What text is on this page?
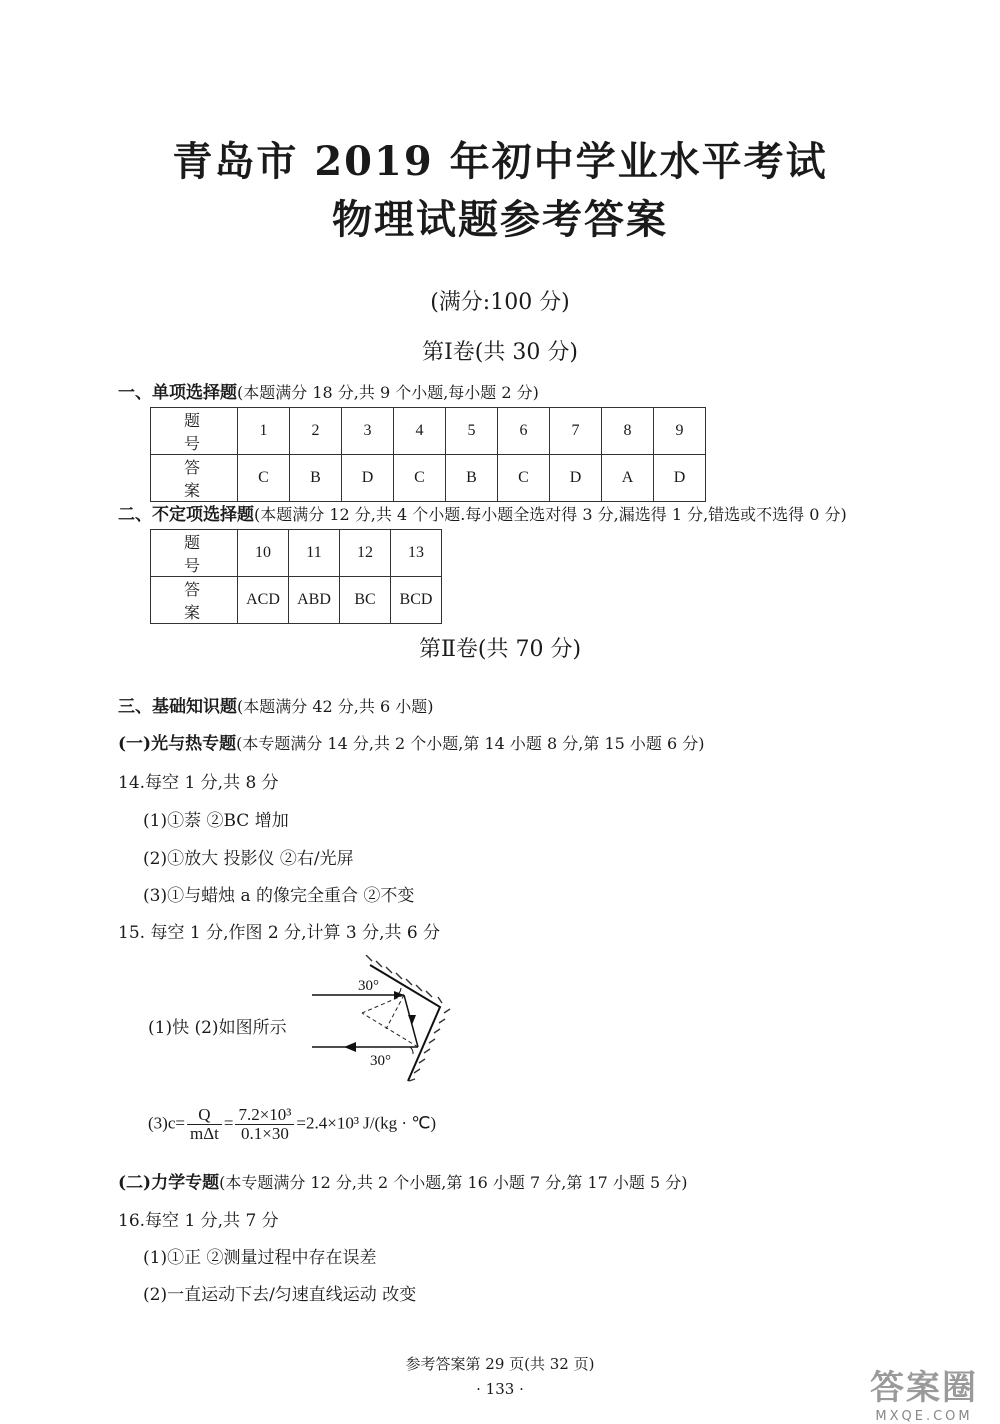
青岛市 2019 年初中学业水平考试
物理试题参考答案
(满分:100 分)
第Ⅰ卷(共 30 分)
一、单项选择题(本题满分 18 分,共 9 个小题,每小题 2 分)
题 号	1	2	3	4	5	6	7	8	9
答 案	C	B	D	C	B	C	D	A	D
二、不定项选择题(本题满分 12 分,共 4 个小题.每小题全选对得 3 分,漏选得 1 分,错选或不选得 0 分)
题 号	10	11	12	13
答 案	ACD	ABD	BC	BCD
第Ⅱ卷(共 70 分)
三、基础知识题(本题满分 42 分,共 6 小题)
(一)光与热专题(本专题满分 14 分,共 2 个小题,第 14 小题 8 分,第 15 小题 6 分)
14.每空 1 分,共 8 分
(1)①萘 ②BC 增加
(2)①放大 投影仪 ②右/光屏
(3)①与蜡烛 a 的像完全重合 ②不变
15. 每空 1 分,作图 2 分,计算 3 分,共 6 分
(1)快 (2)如图所示
30°
30°
$(3)c= \frac{Q}{\text{mΔt}} = \frac{\text{7.2×10³}}{0.1\times 30} =2.4\times 10^3$ J/(kg · ℃)
(二)力学专题(本专题满分 12 分,共 2 个小题,第 16 小题 7 分,第 17 小题 5 分)
16.每空 1 分,共 7 分
(1)①正 ②测量过程中存在误差
(2)一直运动下去/匀速直线运动 改变
参考答案第 29 页(共 32 页)
· 133 ·	答案圈
MXQE.COM
